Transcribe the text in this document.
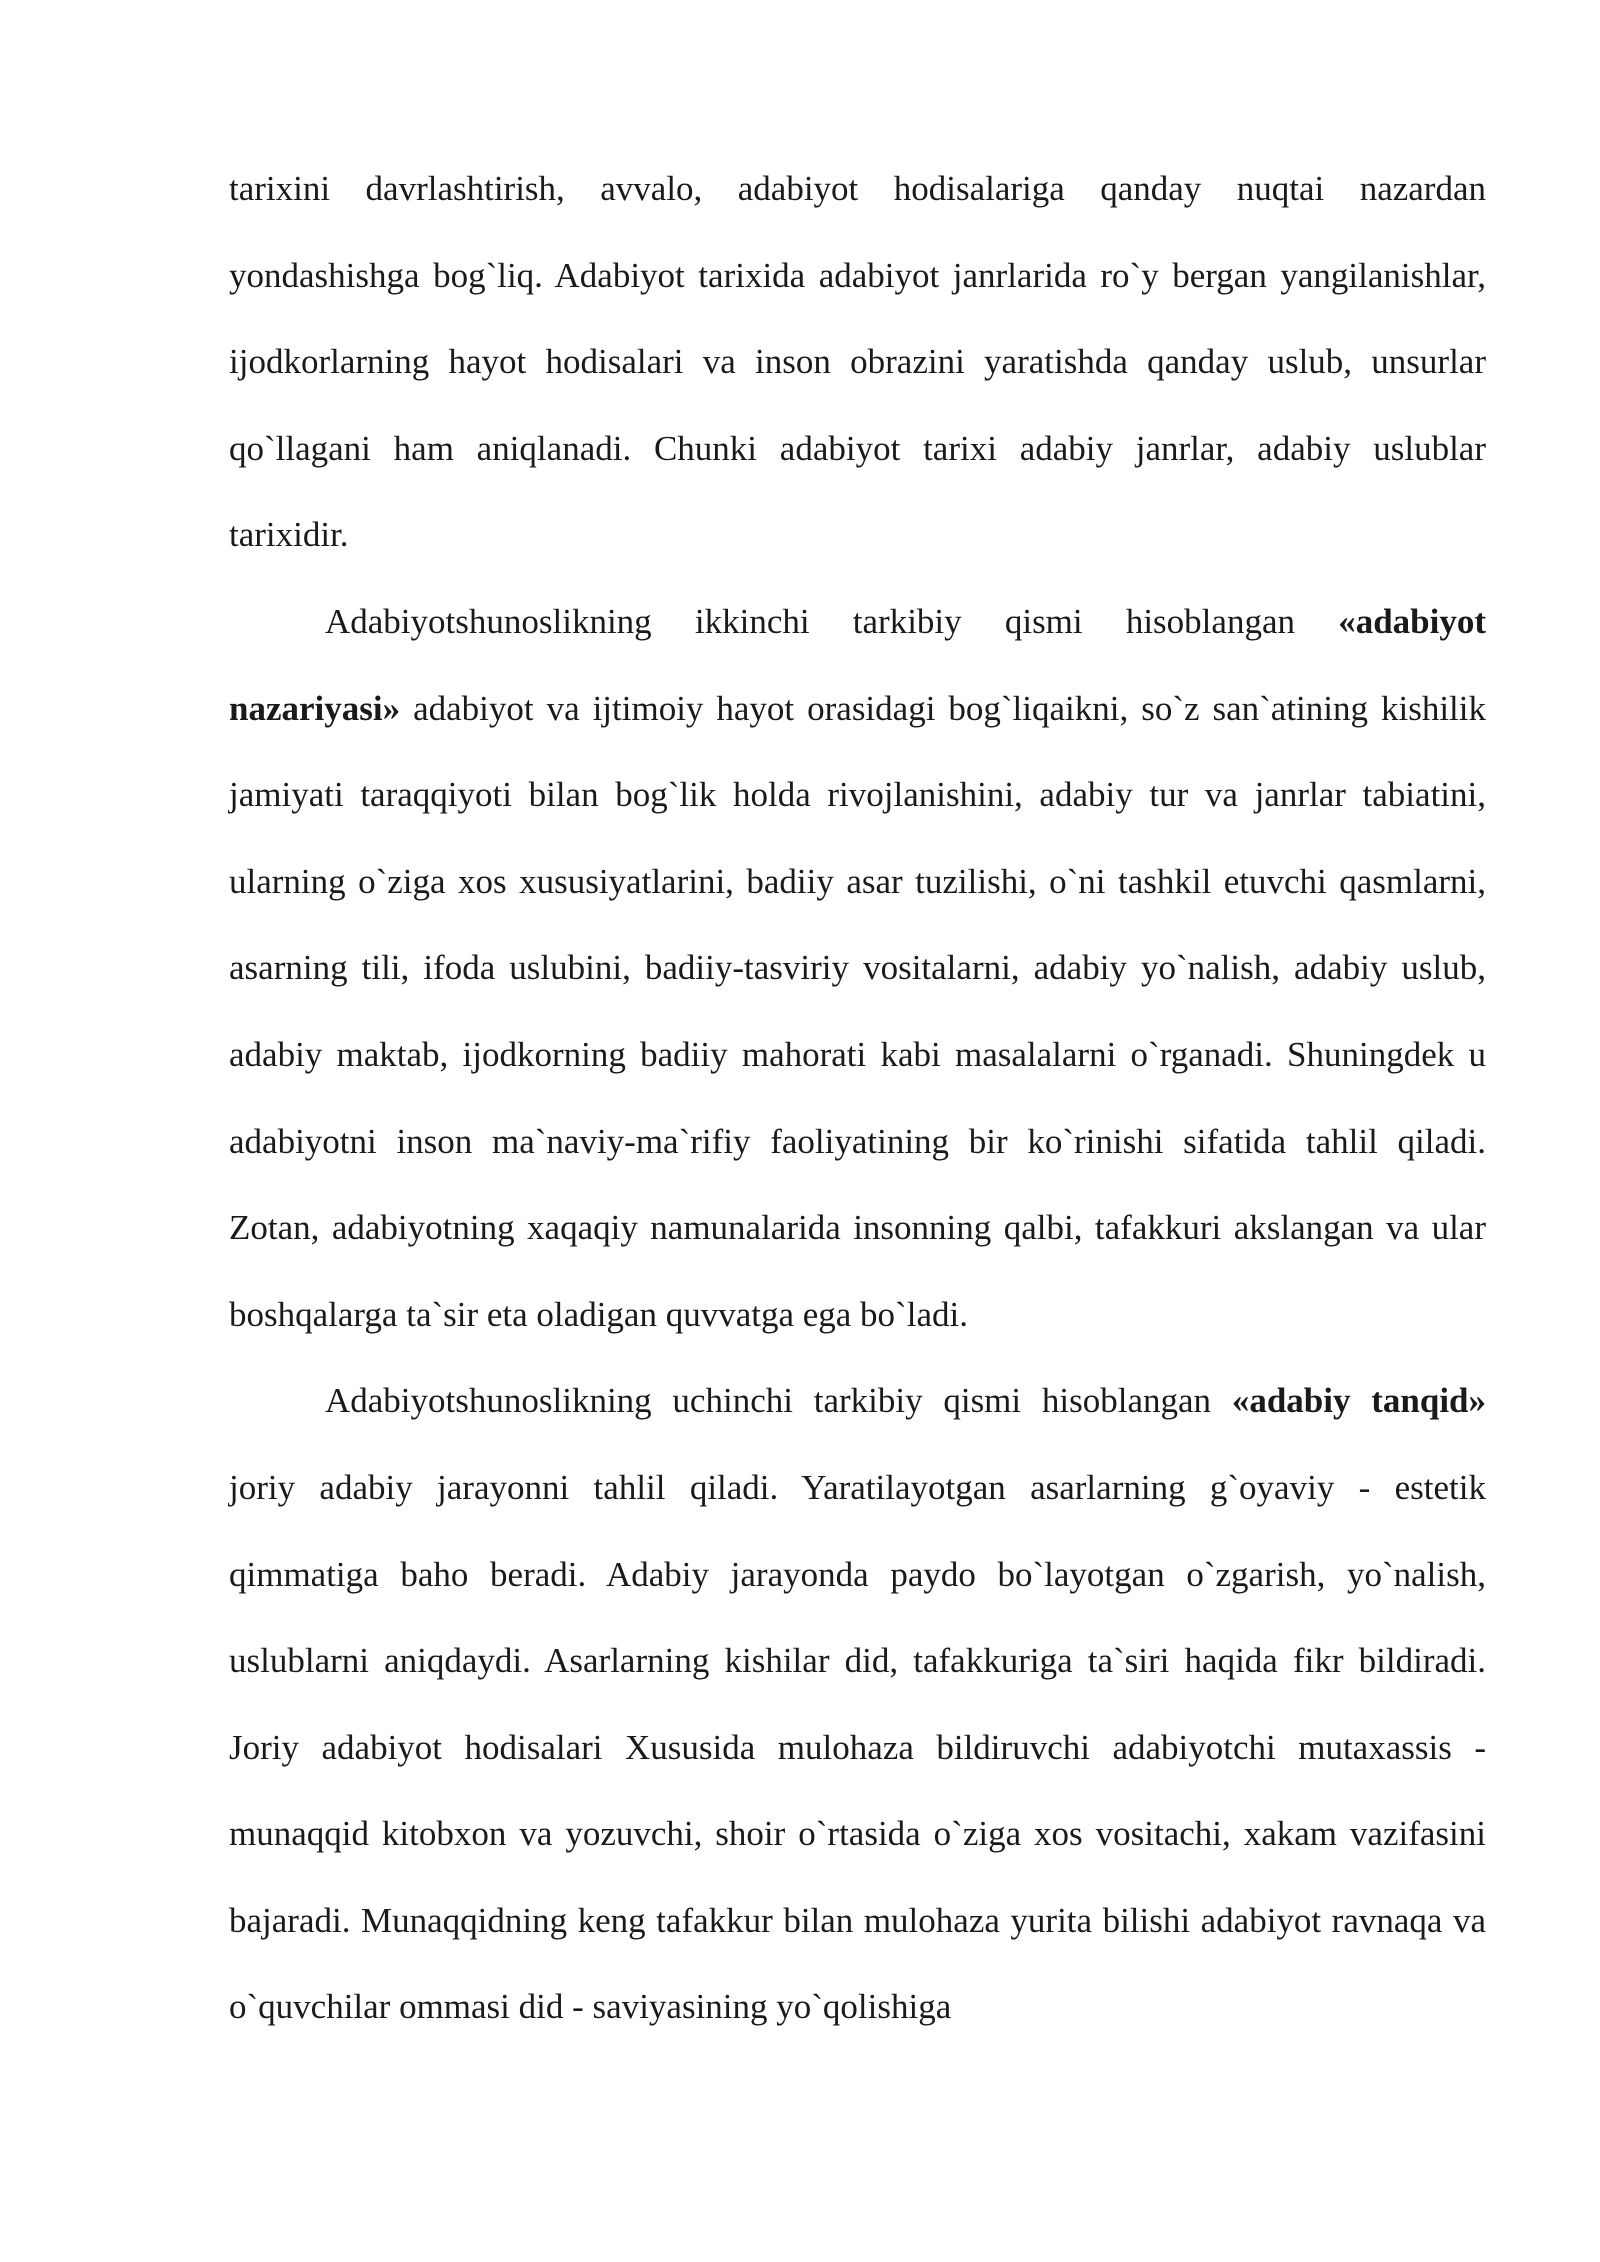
tarixini davrlashtirish, avvalo, adabiyot hodisalariga qanday nuqtai nazardan yondashishga bog`liq. Adabiyot tarixida adabiyot janrlarida ro`y bergan yangilanishlar, ijodkorlarning hayot hodisalari va inson obrazini yaratishda qanday uslub, unsurlar qo`llagani ham aniqlanadi. Chunki adabiyot tarixi adabiy janrlar, adabiy uslublar tarixidir.

Adabiyotshunoslikning ikkinchi tarkibiy qismi hisoblangan «adabiyot nazariyasi» adabiyot va ijtimoiy hayot orasidagi bog`liqaikni, so`z san`atining kishilik jamiyati taraqqiyoti bilan bog`lik holda rivojlanishini, adabiy tur va janrlar tabiatini, ularning o`ziga xos xususiyatlarini, badiiy asar tuzilishi, o`ni tashkil etuvchi qasmlarni, asarning tili, ifoda uslubini, badiiy-tasviriy vositalarni, adabiy yo`nalish, adabiy uslub, adabiy maktab, ijodkorning badiiy mahorati kabi masalalarni o`rganadi. Shuningdek u adabiyotni inson ma`naviy-ma`rifiy faoliyatining bir ko`rinishi sifatida tahlil qiladi. Zotan, adabiyotning xaqaqiy namunalarida insonning qalbi, tafakkuri akslangan va ular boshqalarga ta`sir eta oladigan quvvatga ega bo`ladi.

Adabiyotshunoslikning uchinchi tarkibiy qismi hisoblangan «adabiy tanqid» joriy adabiy jarayonni tahlil qiladi. Yaratilayotgan asarlarning g`oyaviy - estetik qimmatiga baho beradi. Adabiy jarayonda paydo bo`layotgan o`zgarish, yo`nalish, uslublarni aniqdaydi. Asarlarning kishilar did, tafakkuriga ta`siri haqida fikr bildiradi. Joriy adabiyot hodisalari Xususida mulohaza bildiruvchi adabiyotchi mutaxassis - munaqqid kitobxon va yozuvchi, shoir o`rtasida o`ziga xos vositachi, xakam vazifasini bajaradi. Munaqqidning keng tafakkur bilan mulohaza yurita bilishi adabiyot ravnaqa va o`quvchilar ommasi did - saviyasining yo`qolishiga
